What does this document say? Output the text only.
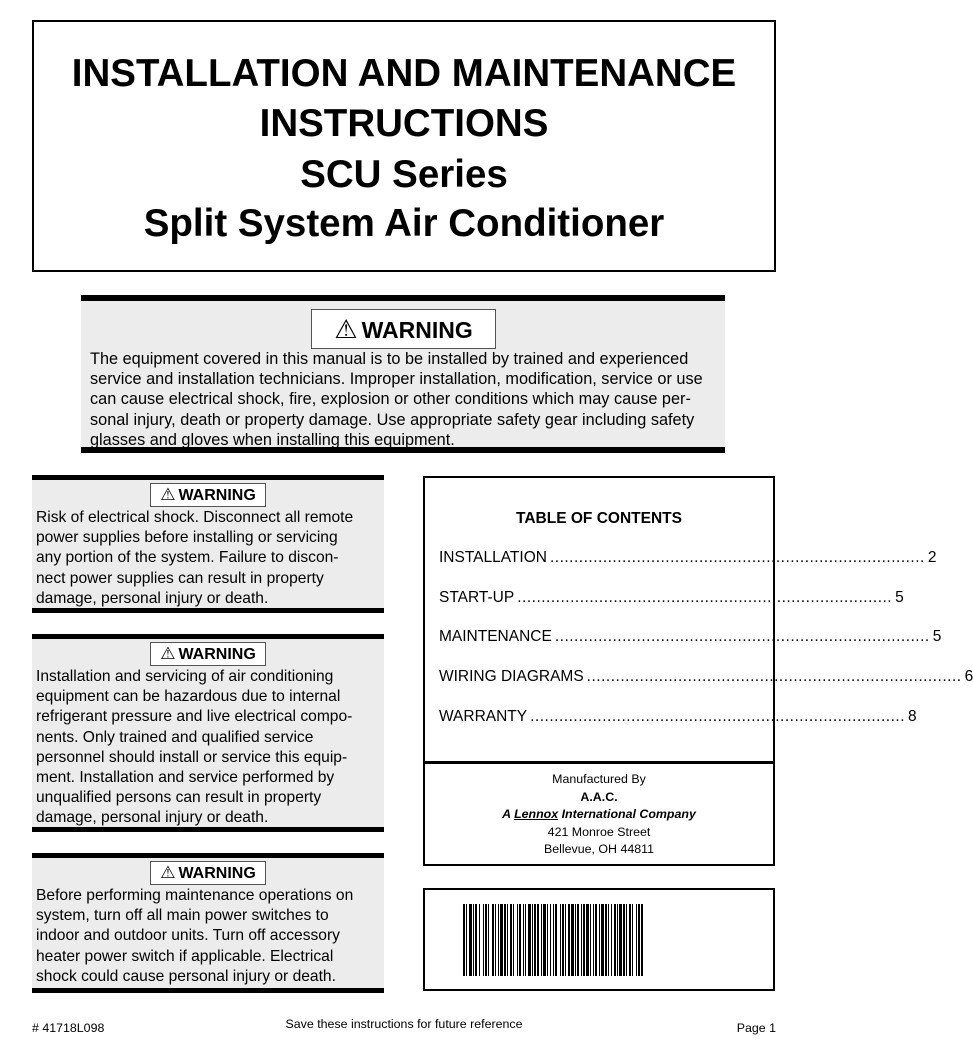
INSTALLATION AND MAINTENANCE
INSTRUCTIONS
SCU Series
Split System Air Conditioner
⚠ WARNING
The equipment covered in this manual is to be installed by trained and experienced
service and installation technicians. Improper installation, modification, service or use
can cause electrical shock, fire, explosion or other conditions which may cause per-
sonal injury, death or property damage. Use appropriate safety gear including safety
glasses and gloves when installing this equipment.
⚠ WARNING
Risk of electrical shock. Disconnect all remote
power supplies before installing or servicing
any portion of the system. Failure to discon-
nect power supplies can result in property
damage, personal injury or death.
⚠ WARNING
Installation and servicing of air conditioning
equipment can be hazardous due to internal
refrigerant pressure and live electrical compo-
nents. Only trained and qualified service
personnel should install or service this equip-
ment. Installation and service performed by
unqualified persons can result in property
damage, personal injury or death.
⚠ WARNING
Before performing maintenance operations on
system, turn off all main power switches to
indoor and outdoor units. Turn off accessory
heater power switch if applicable. Electrical
shock could cause personal injury or death.
TABLE OF CONTENTS
INSTALLATION .............................................................................. 2
START-UP .............................................................................. 5
MAINTENANCE .............................................................................. 5
WIRING DIAGRAMS .............................................................................. 6
WARRANTY .............................................................................. 8
Manufactured By
A.A.C.
A Lennox International Company
421 Monroe Street
Bellevue, OH 44811
# 41718L098	Save these instructions for future reference	Page 1
